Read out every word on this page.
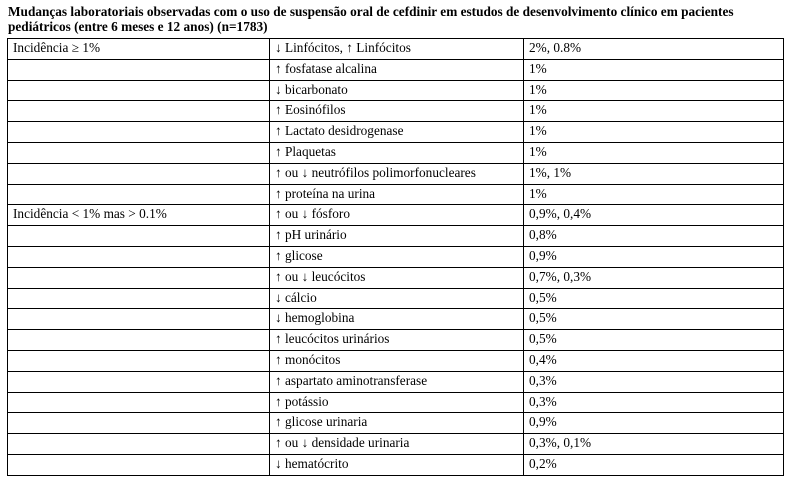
Mudanças laboratoriais observadas com o uso de suspensão oral de cefdinir em estudos de desenvolvimento clínico em pacientes pediátricos (entre 6 meses e 12 anos) (n=1783)
Incidência ≥ 1%	↓ Linfócitos, ↑ Linfócitos	2%, 0.8%
	↑ fosfatase alcalina	1%
	↓ bicarbonato	1%
	↑ Eosinófilos	1%
	↑ Lactato desidrogenase	1%
	↑ Plaquetas	1%
	↑ ou ↓ neutrófilos polimorfonucleares	1%, 1%
	↑ proteína na urina	1%
Incidência < 1% mas > 0.1%	↑ ou ↓ fósforo	0,9%, 0,4%
	↑ pH urinário	0,8%
	↑ glicose	0,9%
	↑ ou ↓ leucócitos	0,7%, 0,3%
	↓ cálcio	0,5%
	↓ hemoglobina	0,5%
	↑ leucócitos urinários	0,5%
	↑ monócitos	0,4%
	↑ aspartato aminotransferase	0,3%
	↑ potássio	0,3%
	↑ glicose urinaria	0,9%
	↑ ou ↓ densidade urinaria	0,3%, 0,1%
	↓ hematócrito	0,2%
